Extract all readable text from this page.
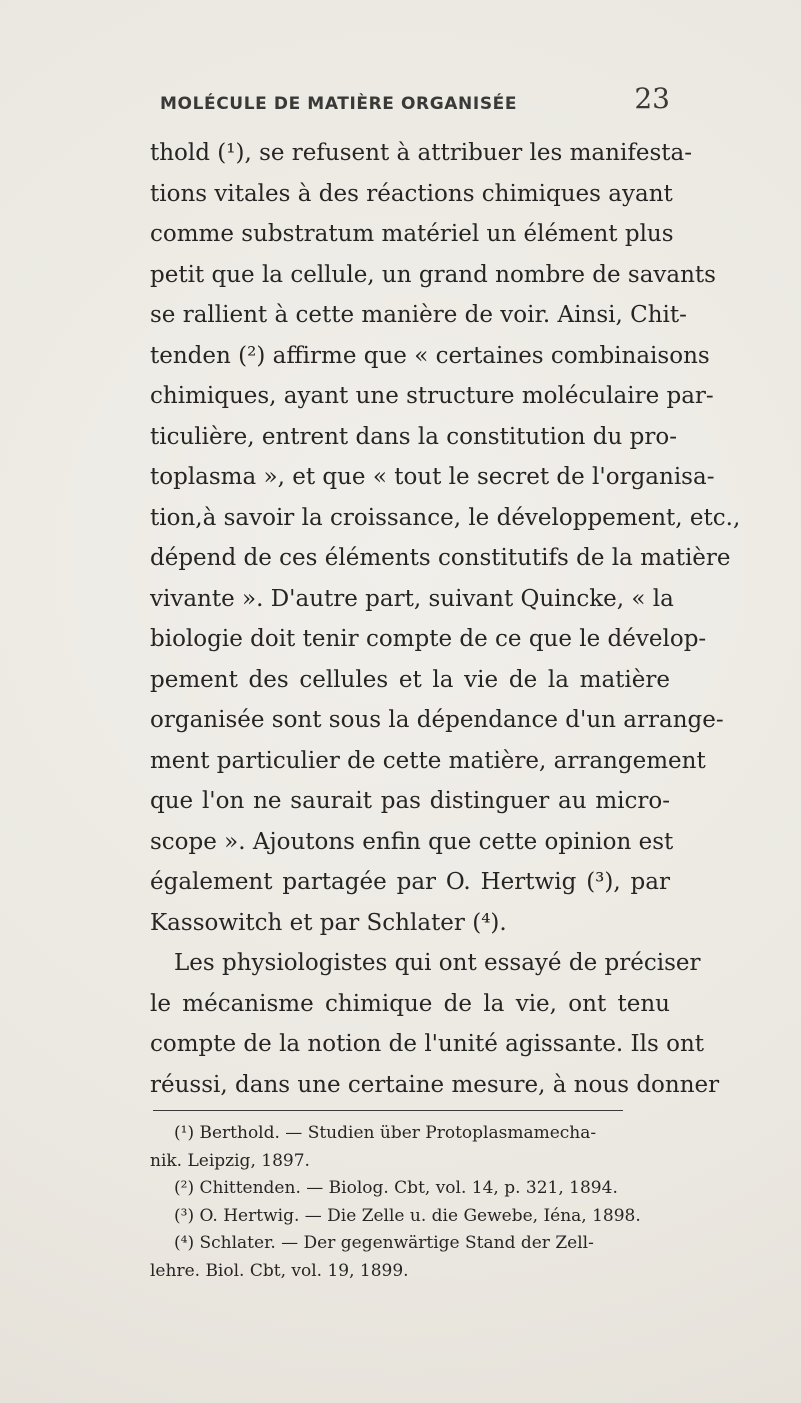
MOLÉCULE DE MATIÈRE ORGANISÉE	23
thold (¹), se refusent à attribuer les manifesta-
tions vitales à des réactions chimiques ayant
comme substratum matériel un élément plus
petit que la cellule, un grand nombre de savants
se rallient à cette manière de voir. Ainsi, Chit-
tenden (²) affirme que « certaines combinaisons
chimiques, ayant une structure moléculaire par-
ticulière, entrent dans la constitution du pro-
toplasma », et que « tout le secret de l'organisa-
tion,à savoir la croissance, le développement, etc.,
dépend de ces éléments constitutifs de la matière
vivante ». D'autre part, suivant Quincke, « la
biologie doit tenir compte de ce que le dévelop-
pement des cellules et la vie de la matière
organisée sont sous la dépendance d'un arrange-
ment particulier de cette matière, arrangement
que l'on ne saurait pas distinguer au micro-
scope ». Ajoutons enfin que cette opinion est
également partagée par O. Hertwig (³), par
Kassowitch et par Schlater (⁴).
Les physiologistes qui ont essayé de préciser
le mécanisme chimique de la vie, ont tenu
compte de la notion de l'unité agissante. Ils ont
réussi, dans une certaine mesure, à nous donner
(¹) Berthold. — Studien über Protoplasmamecha-
nik. Leipzig, 1897.
(²) Chittenden. — Biolog. Cbt, vol. 14, p. 321, 1894.
(³) O. Hertwig. — Die Zelle u. die Gewebe, Iéna, 1898.
(⁴) Schlater. — Der gegenwärtige Stand der Zell-
lehre. Biol. Cbt, vol. 19, 1899.
